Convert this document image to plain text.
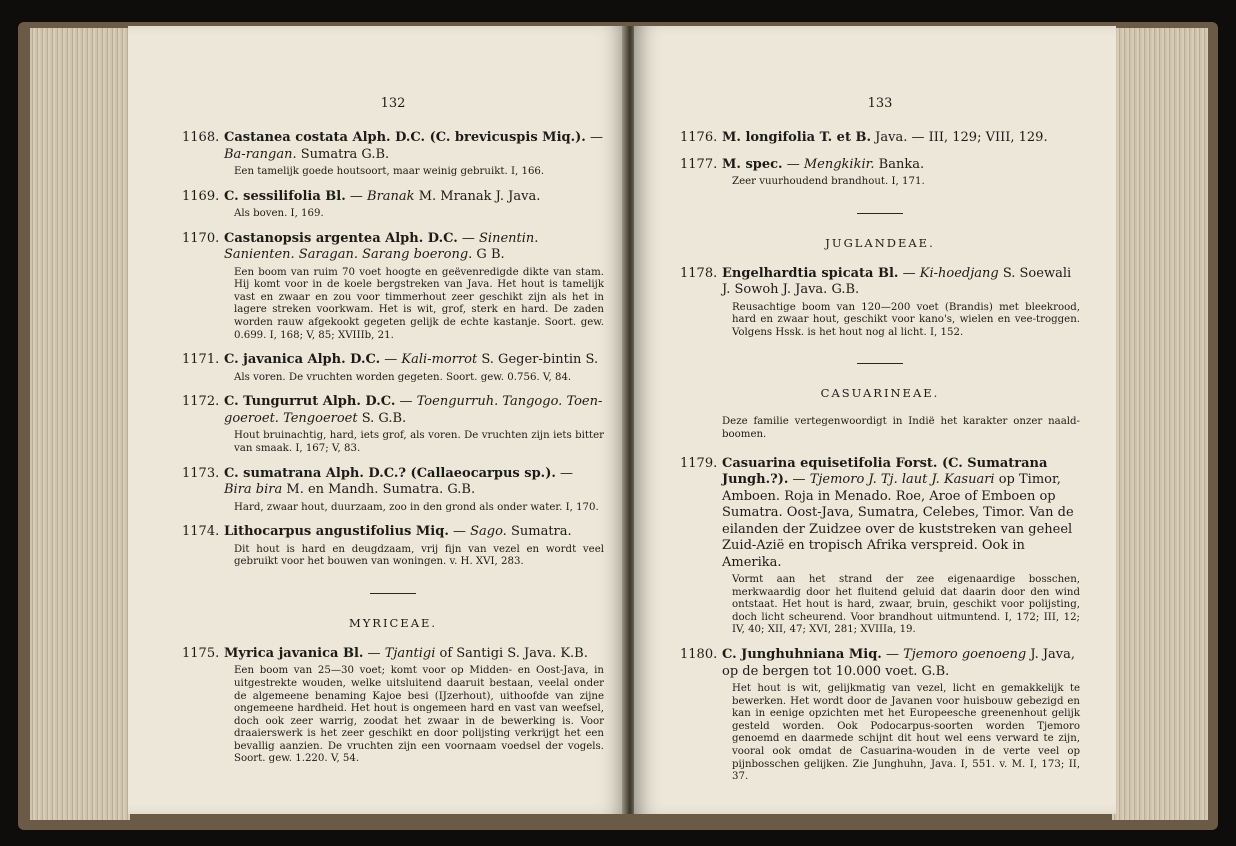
132
1168. Castanea costata Alph. D.C. (C. brevicuspis Miq.). — Ba-rangan. Sumatra G.B.
Een tamelijk goede houtsoort, maar weinig gebruikt. I, 166.
1169. C. sessilifolia Bl. — Branak M. Mranak J. Java.
Als boven. I, 169.
1170. Castanopsis argentea Alph. D.C. — Sinentin. Sanienten. Saragan. Sarang boerong. G B.
Een boom van ruim 70 voet hoogte en geëvenredigde dikte van stam. Hij komt voor in de koele bergstreken van Java. Het hout is tamelijk vast en zwaar en zou voor timmerhout zeer geschikt zijn als het in lagere streken voorkwam. Het is wit, grof, sterk en hard. De zaden worden rauw afgekookt gegeten gelijk de echte kastanje. Soort. gew. 0.699. I, 168; V, 85; XVIIIb, 21.
1171. C. javanica Alph. D.C. — Kali-morrot S. Geger-bintin S.
Als voren. De vruchten worden gegeten. Soort. gew. 0.756. V, 84.
1172. C. Tungurrut Alph. D.C. — Toengurruh. Tangogo. Toen-goeroet. Tengoeroet S. G.B.
Hout bruinachtig, hard, iets grof, als voren. De vruchten zijn iets bitter van smaak. I, 167; V, 83.
1173. C. sumatrana Alph. D.C.? (Callaeocarpus sp.). — Bira bira M. en Mandh. Sumatra. G.B.
Hard, zwaar hout, duurzaam, zoo in den grond als onder water. I, 170.
1174. Lithocarpus angustifolius Miq. — Sago. Sumatra.
Dit hout is hard en deugdzaam, vrij fijn van vezel en wordt veel gebruikt voor het bouwen van woningen. v. H. XVI, 283.
MYRICEAE.
1175. Myrica javanica Bl. — Tjantigi of Santigi S. Java. K.B.
Een boom van 25—30 voet; komt voor op Midden- en Oost-Java, in uitgestrekte wouden, welke uitsluitend daaruit bestaan, veelal onder de algemeene benaming Kajoe besi (IJzerhout), uithoofde van zijne ongemeene hardheid. Het hout is ongemeen hard en vast van weefsel, doch ook zeer warrig, zoodat het zwaar in de bewerking is. Voor draaierswerk is het zeer geschikt en door polijsting verkrijgt het een bevallig aanzien. De vruchten zijn een voornaam voedsel der vogels. Soort. gew. 1.220. V, 54.
133
1176. M. longifolia T. et B. Java. — III, 129; VIII, 129.
1177. M. spec. — Mengkikir. Banka.
Zeer vuurhoudend brandhout. I, 171.
JUGLANDEAE.
1178. Engelhardtia spicata Bl. — Ki-hoedjang S. Soewali J. Sowoh J. Java. G.B.
Reusachtige boom van 120—200 voet (Brandis) met bleekrood, hard en zwaar hout, geschikt voor kano's, wielen en vee-troggen. Volgens Hssk. is het hout nog al licht. I, 152.
CASUARINEAE.
Deze familie vertegenwoordigt in Indië het karakter onzer naald-boomen.
1179. Casuarina equisetifolia Forst. (C. Sumatrana Jungh.?). — Tjemoro J. Tj. laut J. Kasuari op Timor, Amboen. Roja in Menado. Roe, Aroe of Emboen op Sumatra. Oost-Java, Sumatra, Celebes, Timor. Van de eilanden der Zuidzee over de kuststreken van geheel Zuid-Azië en tropisch Afrika verspreid. Ook in Amerika.
Vormt aan het strand der zee eigenaardige bosschen, merkwaardig door het fluitend geluid dat daarin door den wind ontstaat. Het hout is hard, zwaar, bruin, geschikt voor polijsting, doch licht scheurend. Voor brandhout uitmuntend. I, 172; III, 12; IV, 40; XII, 47; XVI, 281; XVIIIa, 19.
1180. C. Junghuhniana Miq. — Tjemoro goenoeng J. Java, op de bergen tot 10.000 voet. G.B.
Het hout is wit, gelijkmatig van vezel, licht en gemakkelijk te bewerken. Het wordt door de Javanen voor huisbouw gebezigd en kan in eenige opzichten met het Europeesche greenenhout gelijk gesteld worden. Ook Podocarpus-soorten worden Tjemoro genoemd en daarmede schijnt dit hout wel eens verward te zijn, vooral ook omdat de Casuarina-wouden in de verte veel op pijnbosschen gelijken. Zie Junghuhn, Java. I, 551. v. M. I, 173; II, 37.
